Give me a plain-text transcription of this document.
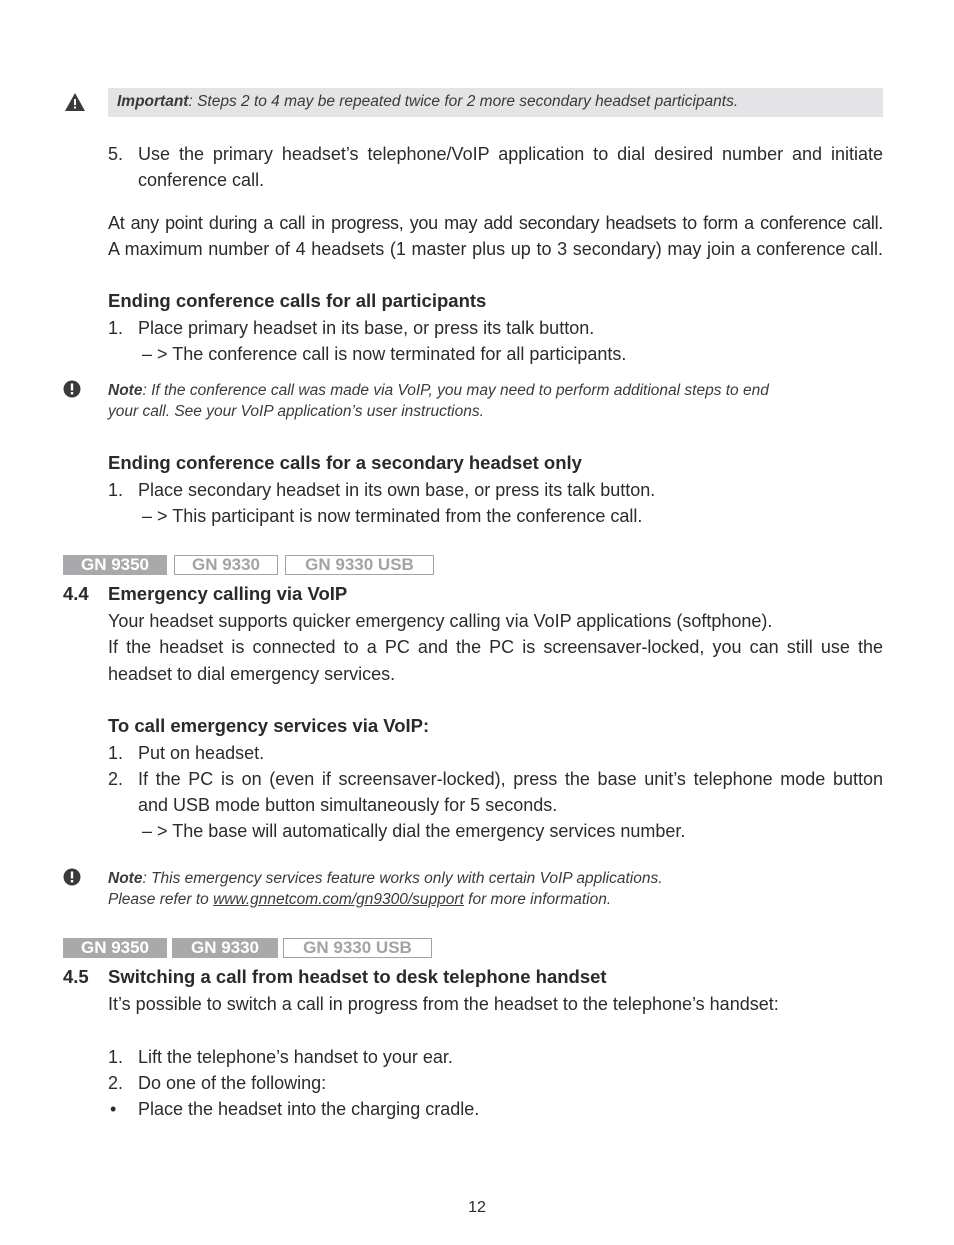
Important: Steps 2 to 4 may be repeated twice for 2 more secondary headset participants.
5. Use the primary headset’s telephone/VoIP application to dial desired number and initiate
conference call.
At any point during a call in progress, you may add secondary headsets to form a conference call.
A maximum number of 4 headsets (1 master plus up to 3 secondary) may join a conference call.
Ending conference calls for all participants
1. Place primary headset in its base, or press its talk button.
– > The conference call is now terminated for all participants.
Note: If the conference call was made via VoIP, you may need to perform additional steps to end
your call. See your VoIP application’s user instructions.
Ending conference calls for a secondary headset only
1. Place secondary headset in its own base, or press its talk button.
– > This participant is now terminated from the conference call.
GN 9350	GN 9330	GN 9330 USB
4.4 Emergency calling via VoIP
Your headset supports quicker emergency calling via VoIP applications (softphone).
If the headset is connected to a PC and the PC is screensaver-locked, you can still use the
headset to dial emergency services.
To call emergency services via VoIP:
1. Put on headset.
2. If the PC is on (even if screensaver-locked), press the base unit’s telephone mode button
and USB mode button simultaneously for 5 seconds.
– > The base will automatically dial the emergency services number.
Note: This emergency services feature works only with certain VoIP applications.
Please refer to www.gnnetcom.com/gn9300/support for more information.
GN 9350	GN 9330	GN 9330 USB
4.5 Switching a call from headset to desk telephone handset
It’s possible to switch a call in progress from the headset to the telephone’s handset:
1. Lift the telephone’s handset to your ear.
2. Do one of the following:
• Place the headset into the charging cradle.
12
